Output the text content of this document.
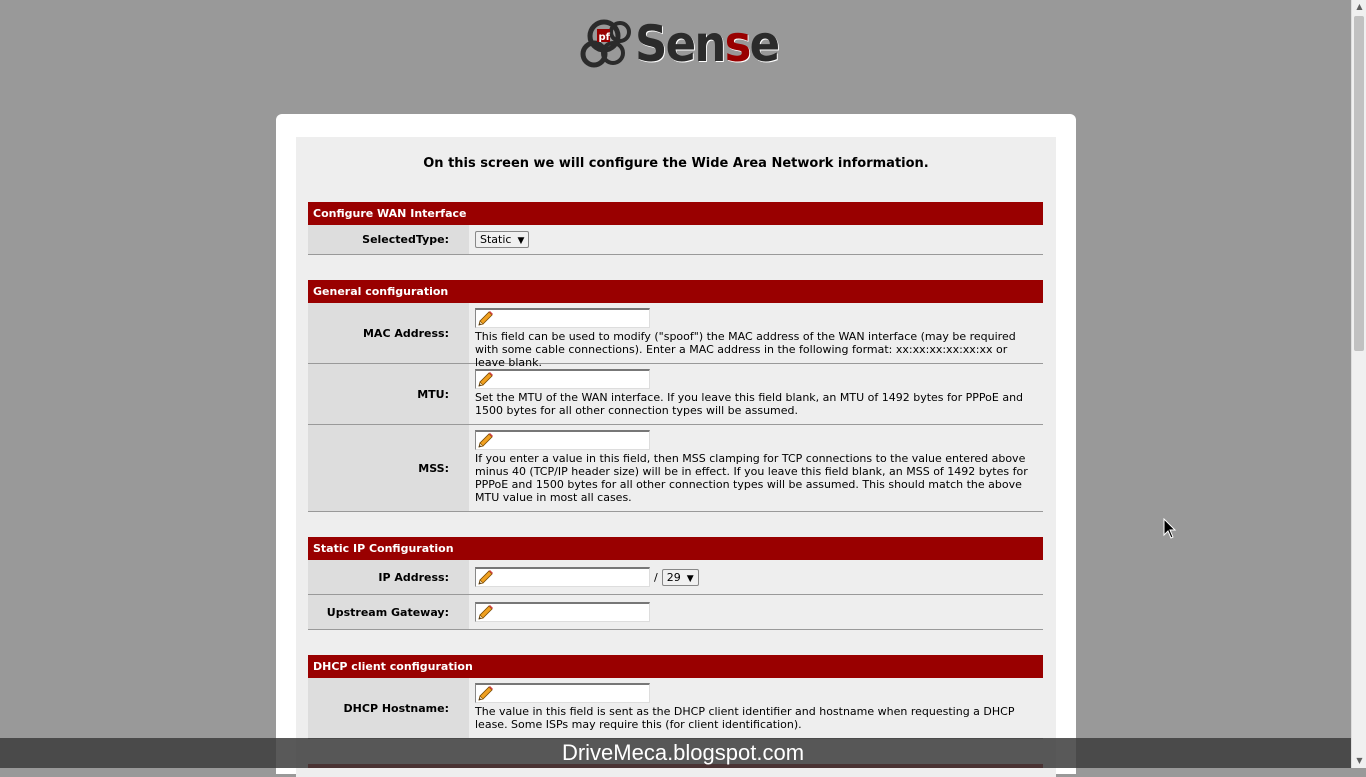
pf Sense
On this screen we will configure the Wide Area Network information.
Configure WAN Interface
SelectedType:	Static ▼
General configuration
MAC Address:	This field can be used to modify ("spoof") the MAC address of the WAN interface (may be required with some cable connections). Enter a MAC address in the following format: xx:xx:xx:xx:xx:xx or leave blank.
MTU:	Set the MTU of the WAN interface. If you leave this field blank, an MTU of 1492 bytes for PPPoE and 1500 bytes for all other connection types will be assumed.
MSS:
If you enter a value in this field, then MSS clamping for TCP connections to the value entered above minus 40 (TCP/IP header size) will be in effect. If you leave this field blank, an MSS of 1492 bytes for PPPoE and 1500 bytes for all other connection types will be assumed. This should match the above MTU value in most all cases.
Static IP Configuration
IP Address:	/ 29 ▼
Upstream Gateway:
DHCP client configuration
DHCP Hostname:	The value in this field is sent as the DHCP client identifier and hostname when requesting a DHCP lease. Some ISPs may require this (for client identification).
DriveMeca.blogspot.com
▲
▼
